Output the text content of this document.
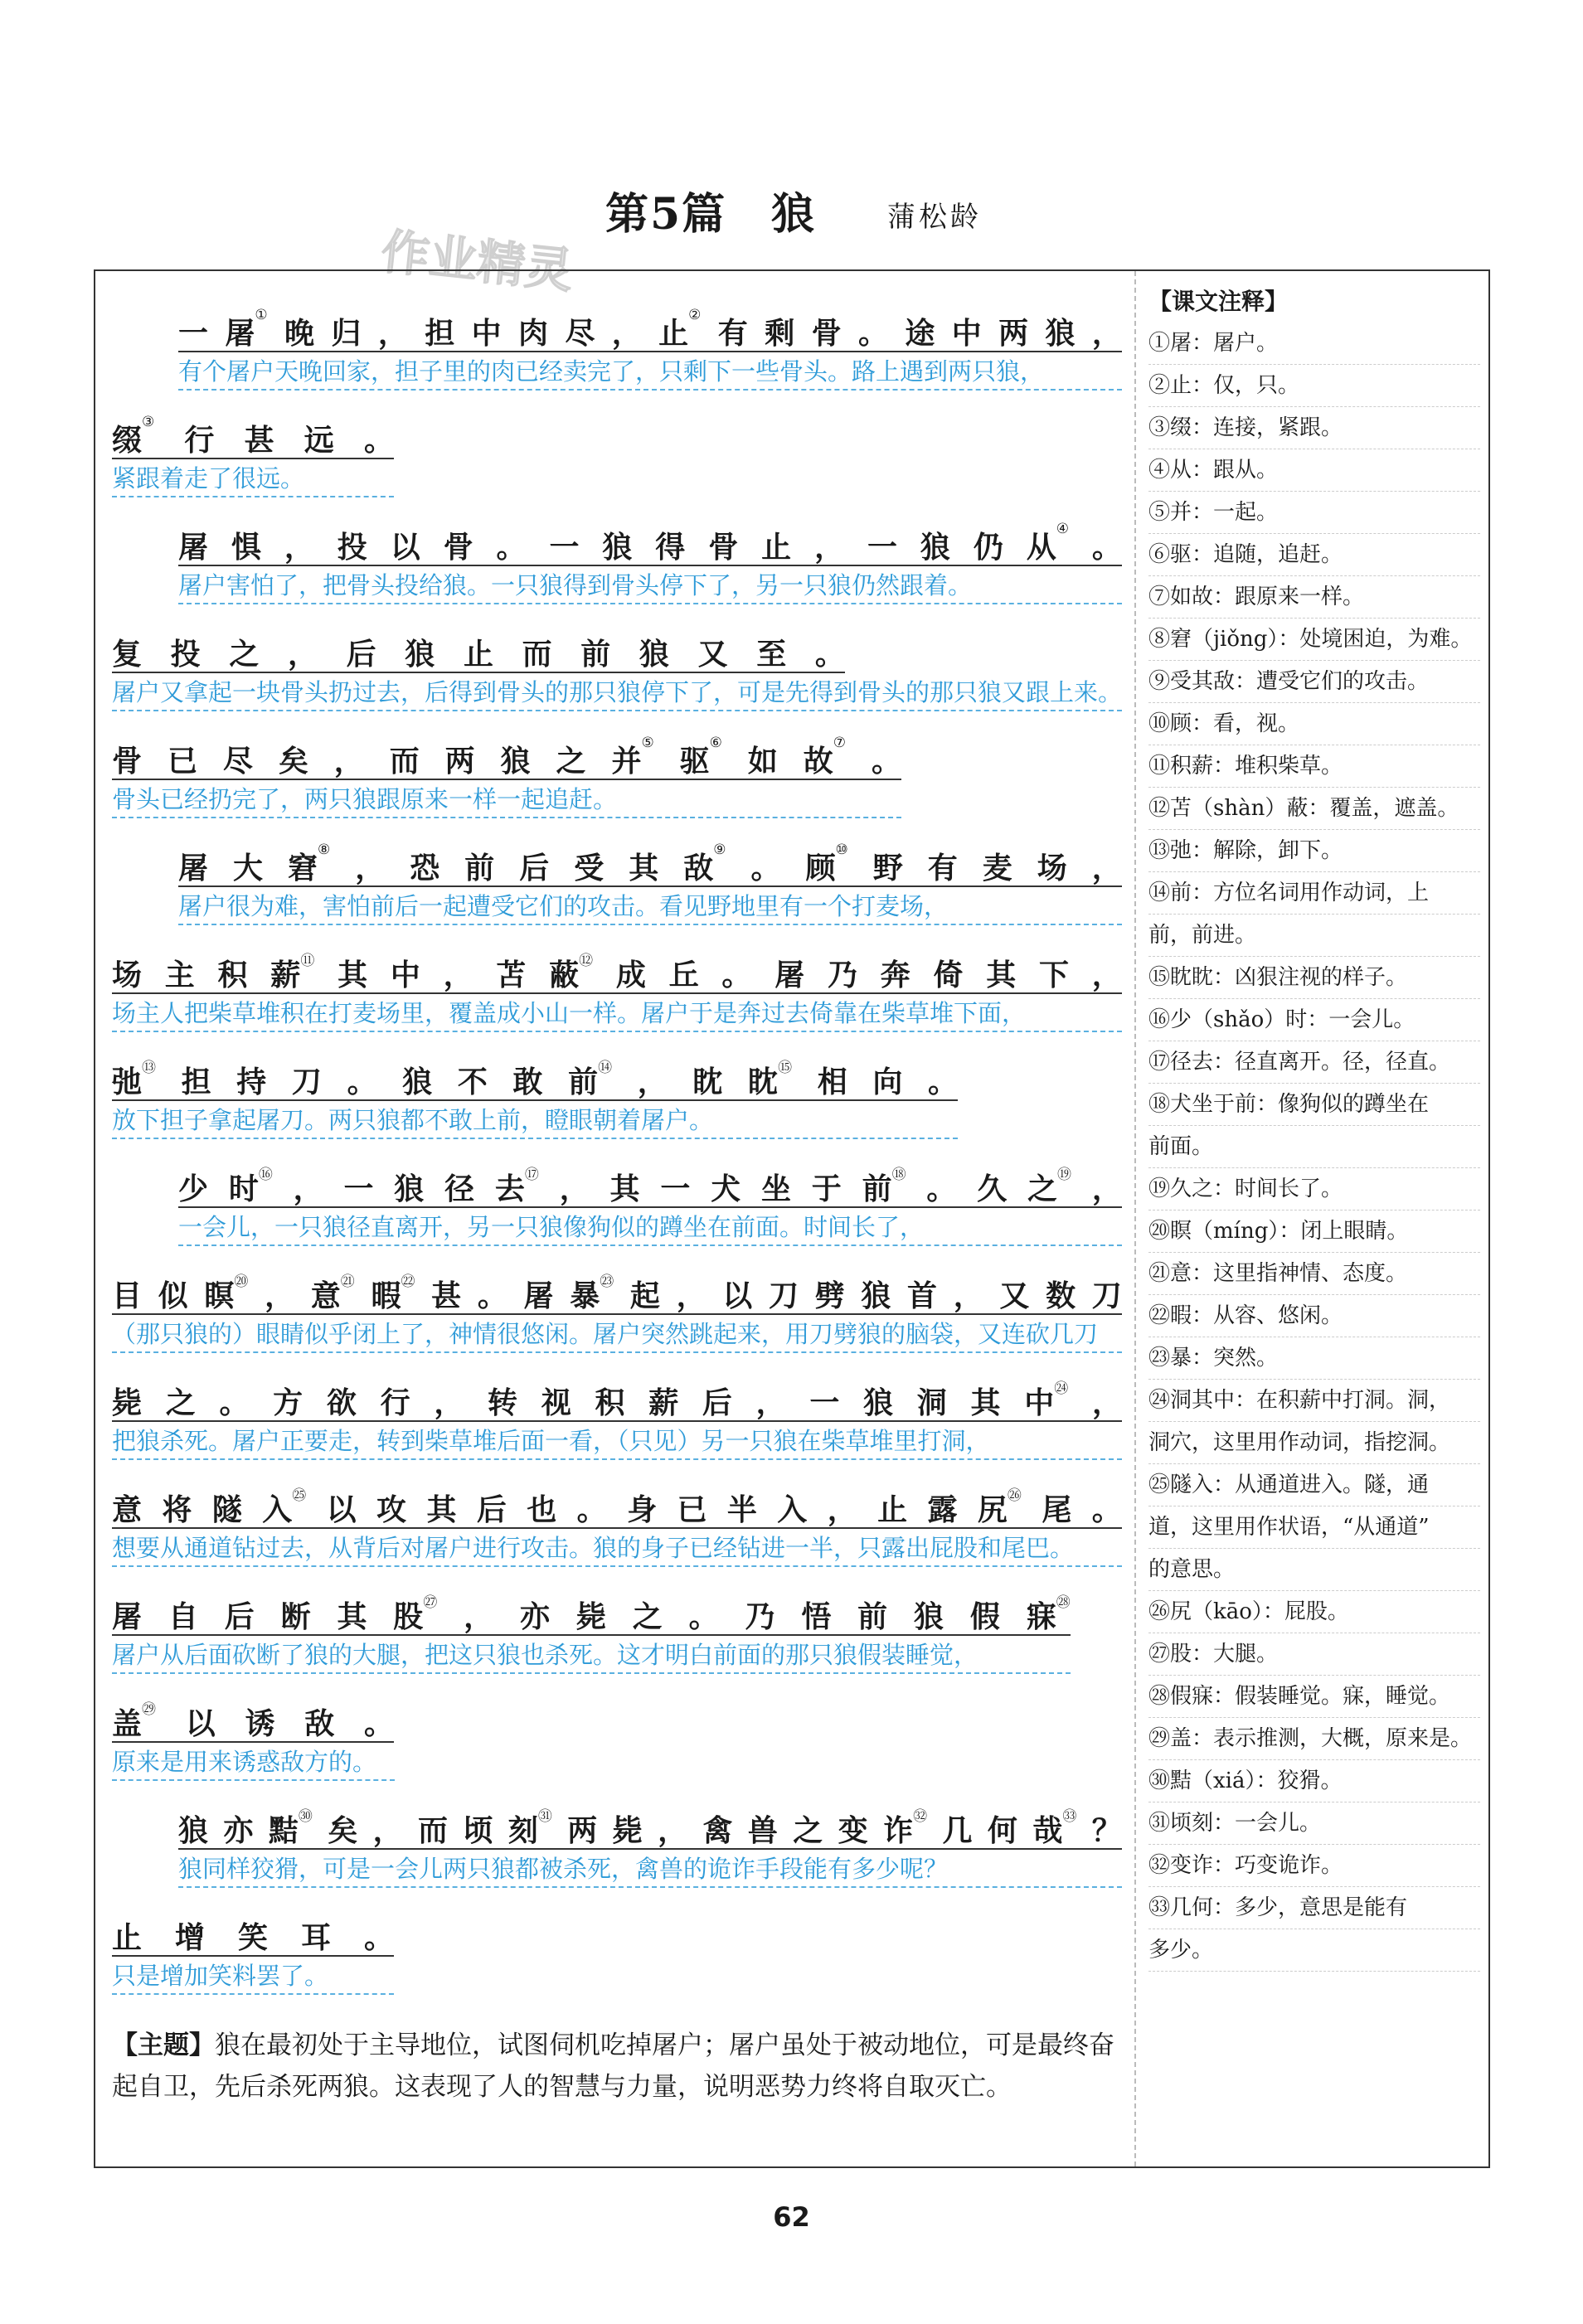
第5篇　狼	蒲松龄
作业精灵
一 屠①
晚 归 ， 担 中 肉 尽 ， 止②
有 剩 骨 。 途 中 两 狼 ，
有个屠户天晚回家，担子里的肉已经卖完了，只剩下一些骨头。路上遇到两只狼，
缀③
行 甚 远 。
紧跟着走了很远。
屠 惧 ， 投 以 骨 。 一 狼 得 骨 止 ， 一 狼 仍 从④
。
屠户害怕了，把骨头投给狼。一只狼得到骨头停下了，另一只狼仍然跟着。
复 投 之 ， 后 狼 止 而 前 狼 又 至 。
屠户又拿起一块骨头扔过去，后得到骨头的那只狼停下了，可是先得到骨头的那只狼又跟上来。
骨 已 尽 矣 ， 而 两 狼 之 并⑤
驱⑥
如 故⑦
。
骨头已经扔完了，两只狼跟原来一样一起追赶。
屠 大 窘⑧
， 恐 前 后 受 其 敌⑨
。 顾⑩
野 有 麦 场 ，
屠户很为难，害怕前后一起遭受它们的攻击。看见野地里有一个打麦场，
场 主 积 薪⑪ 其 中 ， 苫 蔽⑫ 成 丘 。 屠 乃 奔 倚 其 下 ，
场主人把柴草堆积在打麦场里，覆盖成小山一样。屠户于是奔过去倚靠在柴草堆下面，
弛⑬ 担 持 刀 。 狼 不 敢 前⑭ ， 眈 眈⑮ 相 向 。
放下担子拿起屠刀。两只狼都不敢上前，瞪眼朝着屠户。
少 时⑯ ， 一 狼 径 去⑰ ， 其 一 犬 坐 于 前⑱ 。 久 之⑲ ，
一会儿，一只狼径直离开，另一只狼像狗似的蹲坐在前面。时间长了，
目 似 瞑⑳ ， 意$^㉑$ 暇$^㉒$ 甚 。 屠 暴$^㉓$ 起 ， 以 刀 劈 狼 首 ， 又 数 刀
（那只狼的）眼睛似乎闭上了，神情很悠闲。屠户突然跳起来，用刀劈狼的脑袋，又连砍几刀
毙 之 。 方 欲 行 ， 转 视 积 薪 后 ， 一 狼 洞 其 中$^㉔$ ，
把狼杀死。屠户正要走，转到柴草堆后面一看，（只见）另一只狼在柴草堆里打洞，
意 将 隧 入$^㉕$ 以 攻 其 后 也 。 身 已 半 入 ， 止 露 尻$^㉖$ 尾 。
想要从通道钻过去，从背后对屠户进行攻击。狼的身子已经钻进一半，只露出屁股和尾巴。
屠 自 后 断 其 股$^㉗$ ， 亦 毙 之 。 乃 悟 前 狼 假 寐$^㉘$
屠户从后面砍断了狼的大腿，把这只狼也杀死。这才明白前面的那只狼假装睡觉，
盖$^㉙$ 以 诱 敌 。
原来是用来诱惑敌方的。
狼 亦 黠$^㉚$ 矣 ， 而 顷 刻$^㉛$ 两 毙 ， 禽 兽 之 变 诈$^㉜$ 几 何 哉$^㉝$ ？
狼同样狡猾，可是一会儿两只狼都被杀死，禽兽的诡诈手段能有多少呢？
止 增 笑 耳 。
只是增加笑料罢了。
【主题】狼在最初处于主导地位，试图伺机吃掉屠户；屠户虽处于被动地位，可是最终奋起自卫，先后杀死两狼。这表现了人的智慧与力量，说明恶势力终将自取灭亡。
【课文注释】
①屠：屠户。
②止：仅，只。
③缀：连接，紧跟。
④从：跟从。
⑤并：一起。
⑥驱：追随，追赶。
⑦如故：跟原来一样。
⑧窘（jiǒng）：处境困迫，为难。
⑨受其敌：遭受它们的攻击。
⑩顾：看，视。
⑪积薪：堆积柴草。
⑫苫（shàn）蔽：覆盖，遮盖。
⑬弛：解除，卸下。
⑭前：方位名词用作动词，上
前，前进。
⑮眈眈：凶狠注视的样子。
⑯少（shǎo）时：一会儿。
⑰径去：径直离开。径，径直。
⑱犬坐于前：像狗似的蹲坐在
前面。
⑲久之：时间长了。
⑳瞑（míng）：闭上眼睛。
㉑意：这里指神情、态度。
㉒暇：从容、悠闲。
㉓暴：突然。
㉔洞其中：在积薪中打洞。洞，
洞穴，这里用作动词，指挖洞。
㉕隧入：从通道进入。隧，通
道，这里用作状语，“从通道”
的意思。
㉖尻（kāo）：屁股。
㉗股：大腿。
㉘假寐：假装睡觉。寐，睡觉。
㉙盖：表示推测，大概，原来是。
㉚黠（xiá）：狡猾。
㉛顷刻：一会儿。
㉜变诈：巧变诡诈。
㉝几何：多少，意思是能有
多少。
62
